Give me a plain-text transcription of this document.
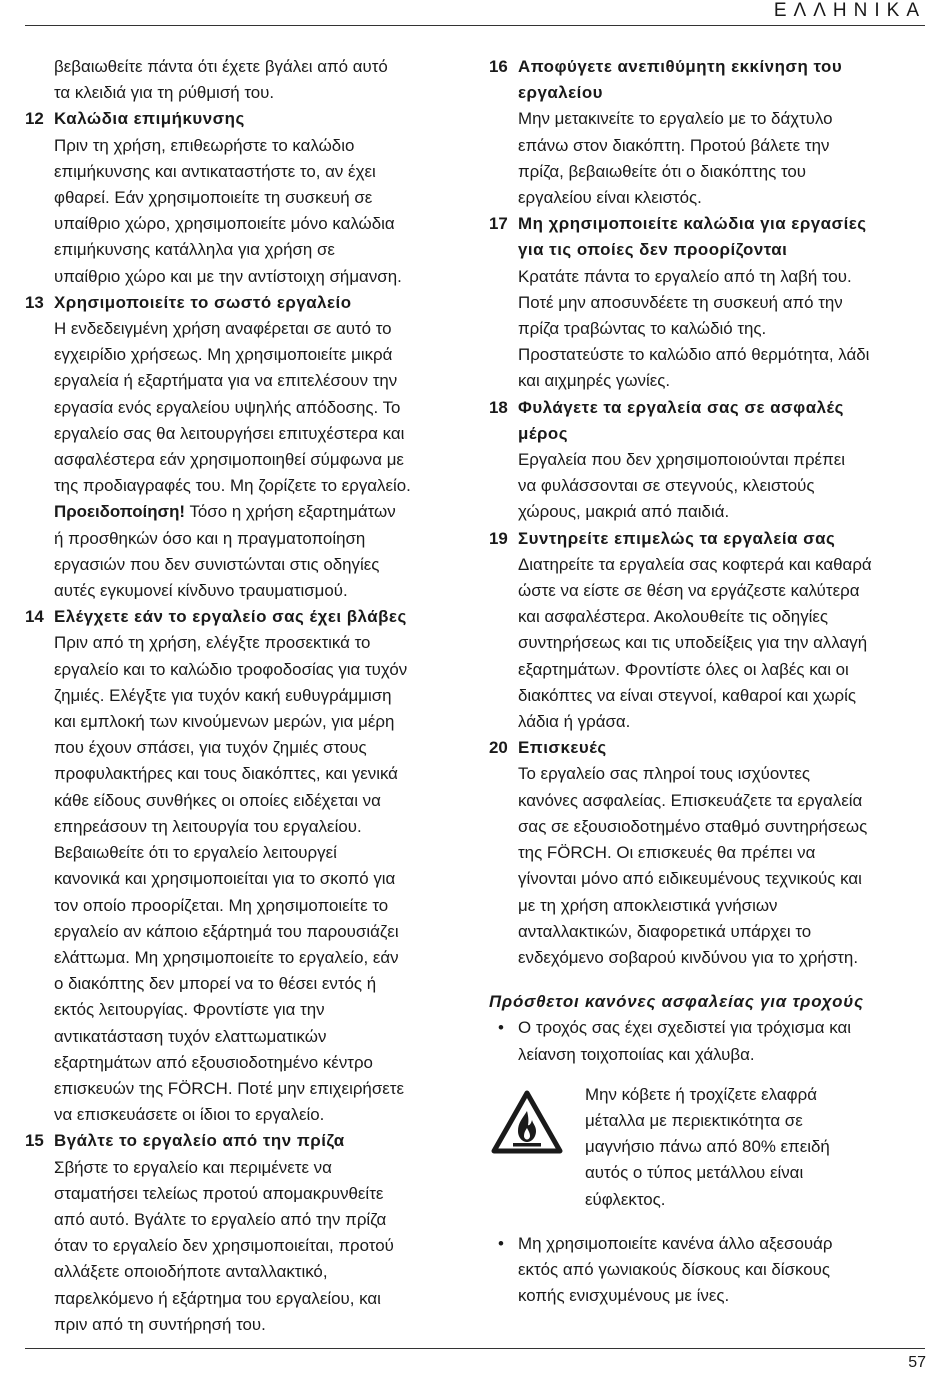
ΕΛΛΗΝΙΚΑ
βεβαιωθείτε πάντα ότι έχετε βγάλει από αυτό
τα κλειδιά για τη ρύθμισή του.
12 Καλώδια επιμήκυνσης
Πριν τη χρήση, επιθεωρήστε το καλώδιο
επιμήκυνσης και αντικαταστήστε το, αν έχει
φθαρεί. Εάν χρησιμοποιείτε τη συσκευή σε
υπαίθριο χώρο, χρησιμοποιείτε μόνο καλώδια
επιμήκυνσης κατάλληλα για χρήση σε
υπαίθριο χώρο και με την αντίστοιχη σήμανση.
13 Χρησιμοποιείτε το σωστό εργαλείο
Η ενδεδειγμένη χρήση αναφέρεται σε αυτό το
εγχειρίδιο χρήσεως. Μη χρησιμοποιείτε μικρά
εργαλεία ή εξαρτήματα για να επιτελέσουν την
εργασία ενός εργαλείου υψηλής απόδοσης. Το
εργαλείο σας θα λειτουργήσει επιτυχέστερα και
ασφαλέστερα εάν χρησιμοποιηθεί σύμφωνα με
της προδιαγραφές του. Μη ζορίζετε το εργαλείο.
Προειδοποίηση! Τόσο η χρήση εξαρτημάτων
ή προσθηκών όσο και η πραγματοποίηση
εργασιών που δεν συνιστώνται στις οδηγίες
αυτές εγκυμονεί κίνδυνο τραυματισμού.
14 Ελέγχετε εάν το εργαλείο σας έχει βλάβες
Πριν από τη χρήση, ελέγξτε προσεκτικά το
εργαλείο και το καλώδιο τροφοδοσίας για τυχόν
ζημιές. Ελέγξτε για τυχόν κακή ευθυγράμμιση
και εμπλοκή των κινούμενων μερών, για μέρη
που έχουν σπάσει, για τυχόν ζημιές στους
προφυλακτήρες και τους διακόπτες, και γενικά
κάθε είδους συνθήκες οι οποίες ειδέχεται να
επηρεάσουν τη λειτουργία του εργαλείου.
Βεβαιωθείτε ότι το εργαλείο λειτουργεί
κανονικά και χρησιμοποιείται για το σκοπό για
τον οποίο προορίζεται. Μη χρησιμοποιείτε το
εργαλείο αν κάποιο εξάρτημά του παρουσιάζει
ελάττωμα. Μη χρησιμοποιείτε το εργαλείο, εάν
ο διακόπτης δεν μπορεί να το θέσει εντός ή
εκτός λειτουργίας. Φροντίστε για την
αντικατάσταση τυχόν ελαττωματικών
εξαρτημάτων από εξουσιοδοτημένο κέντρο
επισκευών της FÖRCH. Ποτέ μην επιχειρήσετε
να επισκευάσετε οι ίδιοι το εργαλείο.
15 Βγάλτε το εργαλείο από την πρίζα
Σβήστε το εργαλείο και περιμένετε να
σταματήσει τελείως προτού απομακρυνθείτε
από αυτό. Βγάλτε το εργαλείο από την πρίζα
όταν το εργαλείο δεν χρησιμοποιείται, προτού
αλλάξετε οποιοδήποτε ανταλλακτικό,
παρελκόμενο ή εξάρτημα του εργαλείου, και
πριν από τη συντήρησή του.
16 Αποφύγετε ανεπιθύμητη εκκίνηση του
εργαλείου
Μην μετακινείτε το εργαλείο με το δάχτυλο
επάνω στον διακόπτη. Προτού βάλετε την
πρίζα, βεβαιωθείτε ότι ο διακόπτης του
εργαλείου είναι κλειστός.
17 Μη χρησιμοποιείτε καλώδια για εργασίες
για τις οποίες δεν προορίζονται
Κρατάτε πάντα το εργαλείο από τη λαβή του.
Ποτέ μην αποσυνδέετε τη συσκευή από την
πρίζα τραβώντας το καλώδιό της.
Προστατεύστε το καλώδιο από θερμότητα, λάδι
και αιχμηρές γωνίες.
18 Φυλάγετε τα εργαλεία σας σε ασφαλές
μέρος
Εργαλεία που δεν χρησιμοποιούνται πρέπει
να φυλάσσονται σε στεγνούς, κλειστούς
χώρους, μακριά από παιδιά.
19 Συντηρείτε επιμελώς τα εργαλεία σας
Διατηρείτε τα εργαλεία σας κοφτερά και καθαρά
ώστε να είστε σε θέση να εργάζεστε καλύτερα
και ασφαλέστερα. Ακολουθείτε τις οδηγίες
συντηρήσεως και τις υποδείξεις για την αλλαγή
εξαρτημάτων. Φροντίστε όλες οι λαβές και οι
διακόπτες να είναι στεγνοί, καθαροί και χωρίς
λάδια ή γράσα.
20 Επισκευές
Το εργαλείο σας πληροί τους ισχύοντες
κανόνες ασφαλείας. Επισκευάζετε τα εργαλεία
σας σε εξουσιοδοτημένο σταθμό συντηρήσεως
της FÖRCH. Οι επισκευές θα πρέπει να
γίνονται μόνο από ειδικευμένους τεχνικούς και
με τη χρήση αποκλειστικά γνήσιων
ανταλλακτικών, διαφορετικά υπάρχει το
ενδεχόμενο σοβαρού κινδύνου για το χρήστη.
Πρόσθετοι κανόνες ασφαλείας για τροχούς
• Ο τροχός σας έχει σχεδιστεί για τρόχισμα και
λείανση τοιχοποιίας και χάλυβα.
Μην κόβετε ή τροχίζετε ελαφρά
μέταλλα με περιεκτικότητα σε
μαγνήσιο πάνω από 80% επειδή
αυτός ο τύπος μετάλλου είναι
εύφλεκτος.
• Μη χρησιμοποιείτε κανένα άλλο αξεσουάρ
εκτός από γωνιακούς δίσκους και δίσκους
κοπής ενισχυμένους με ίνες.
57
